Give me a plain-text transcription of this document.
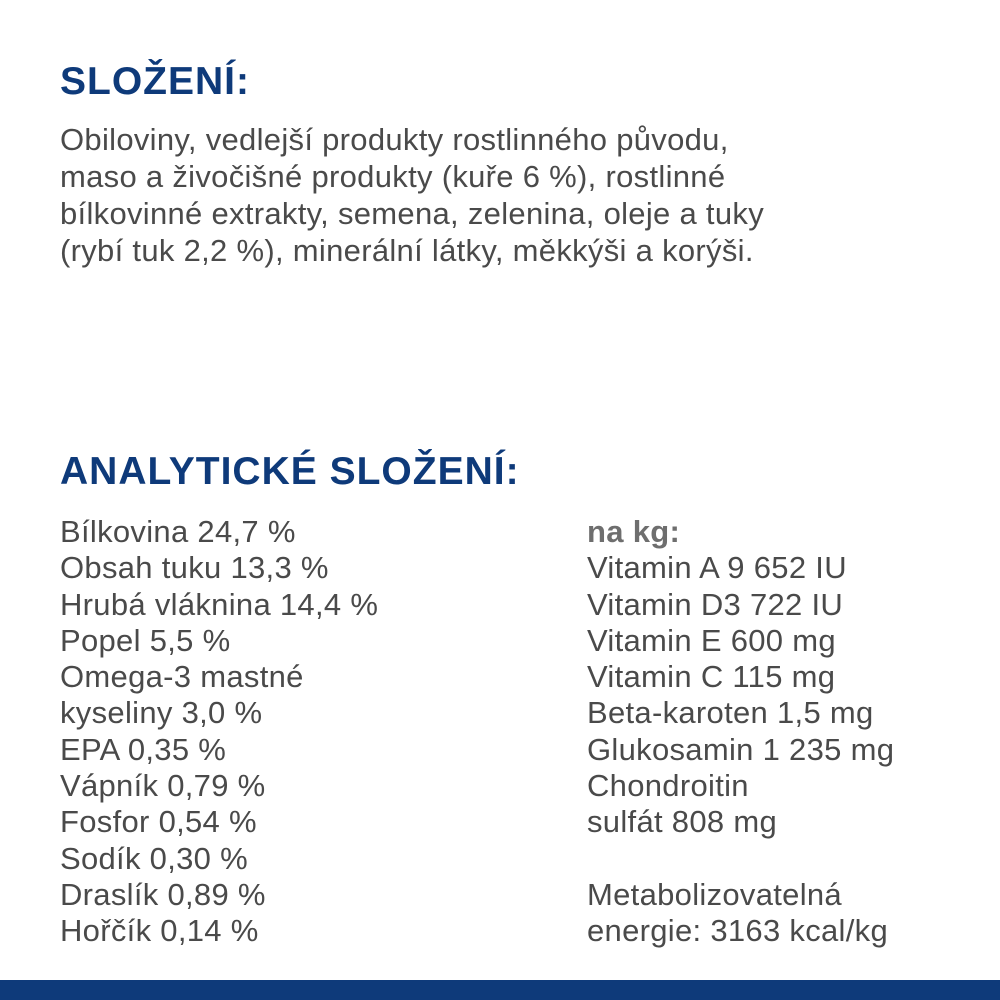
SLOŽENÍ:

Obiloviny, vedlejší produkty rostlinného původu,
maso a živočišné produkty (kuře 6 %), rostlinné
bílkovinné extrakty, semena, zelenina, oleje a tuky
(rybí tuk 2,2 %), minerální látky, měkkýši a korýši.

ANALYTICKÉ SLOŽENÍ:
Bílkovina 24,7 %
Obsah tuku 13,3 %
Hrubá vláknina 14,4 %
Popel 5,5 %
Omega-3 mastné
kyseliny 3,0 %
EPA 0,35 %
Vápník 0,79 %
Fosfor 0,54 %
Sodík 0,30 %
Draslík 0,89 %
Hořčík 0,14 %
na kg:
Vitamin A 9 652 IU
Vitamin D3 722 IU
Vitamin E 600 mg
Vitamin C 115 mg
Beta-karoten 1,5 mg
Glukosamin 1 235 mg
Chondroitin
sulfát 808 mg
Metabolizovatelná
energie: 3163 kcal/kg
